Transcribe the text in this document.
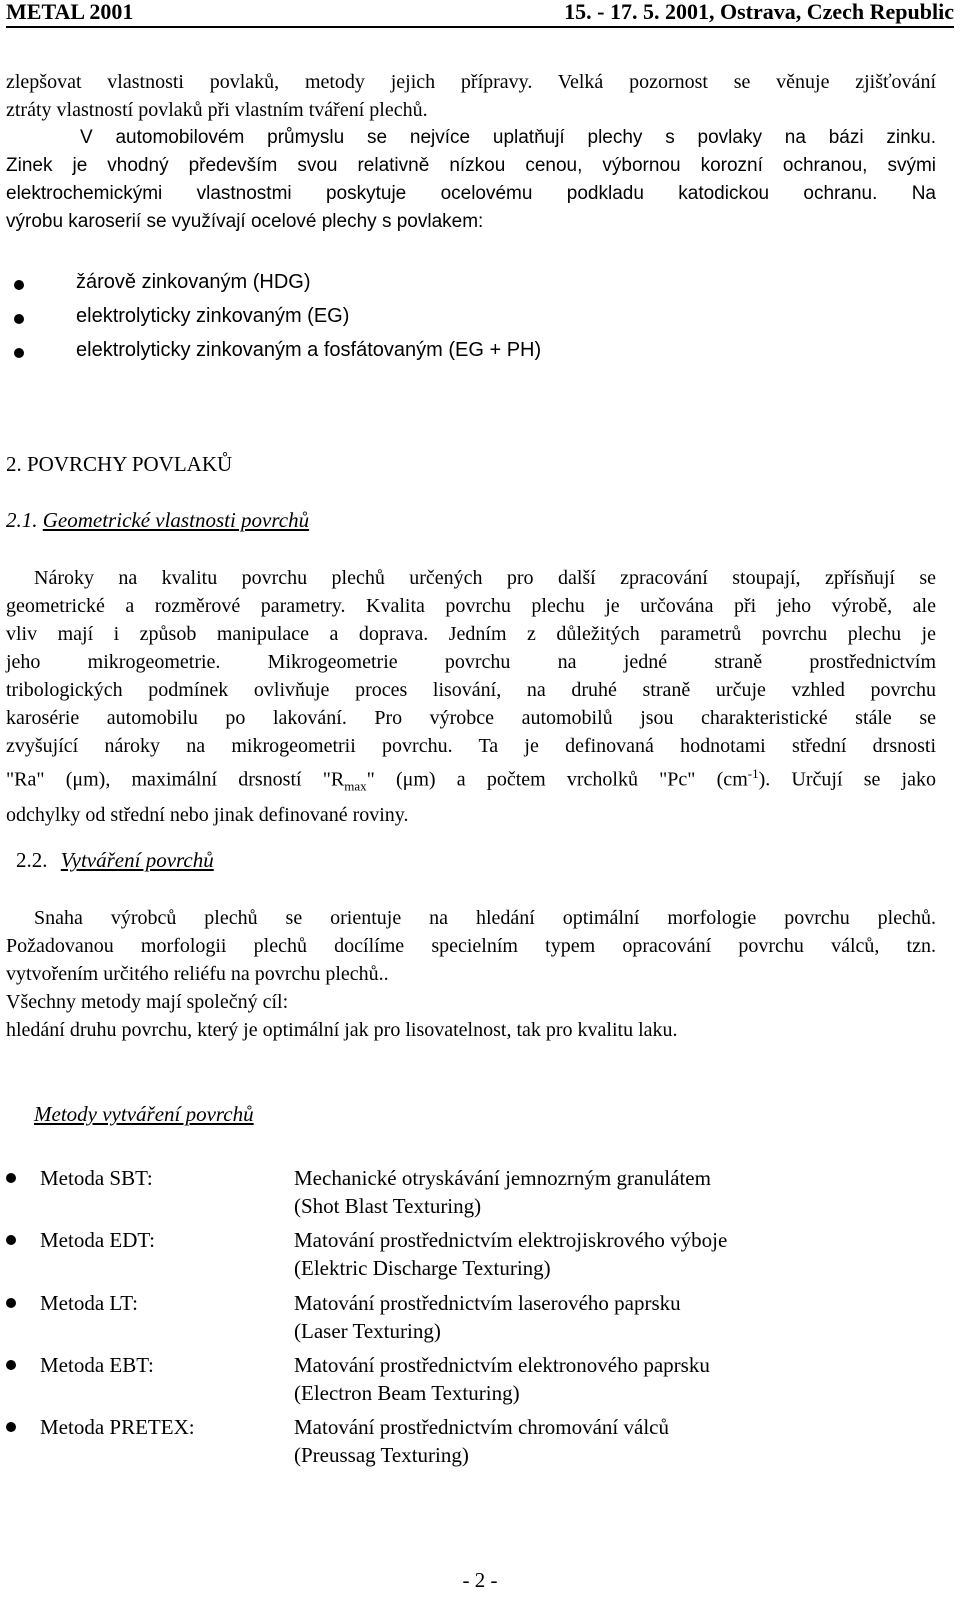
METAL 2001	15. - 17. 5. 2001, Ostrava, Czech Republic
zlepšovat vlastnosti povlaků, metody jejich přípravy. Velká pozornost se věnuje zjišťování
ztráty vlastností povlaků při vlastním tváření plechů.
V automobilovém průmyslu se nejvíce uplatňují plechy s povlaky na bázi zinku.
Zinek je vhodný především svou relativně nízkou cenou, výbornou korozní ochranou, svými
elektrochemickými vlastnostmi poskytuje ocelovému podkladu katodickou ochranu. Na
výrobu karoserií se využívají ocelové plechy s povlakem:
žárově zinkovaným (HDG)
elektrolyticky zinkovaným (EG)
elektrolyticky zinkovaným a fosfátovaným (EG + PH)
2. POVRCHY POVLAKŮ
2.1. Geometrické vlastnosti povrchů
Nároky na kvalitu povrchu plechů určených pro další zpracování stoupají, zpřísňují se
geometrické a rozměrové parametry. Kvalita povrchu plechu je určována při jeho výrobě, ale
vliv mají i způsob manipulace a doprava. Jedním z důležitých parametrů povrchu plechu je
jeho mikrogeometrie. Mikrogeometrie povrchu na jedné straně prostřednictvím
tribologických podmínek ovlivňuje proces lisování, na druhé straně určuje vzhled povrchu
karosérie automobilu po lakování. Pro výrobce automobilů jsou charakteristické stále se
zvyšující nároky na mikrogeometrii povrchu. Ta je definovaná hodnotami střední drsnosti
"Ra" (μm), maximální drsností "$R_{max}$" (μm) a počtem vrcholků "Pc" $(cm^{-1})$. Určují se jako
odchylky od střední nebo jinak definované roviny.
2.2. Vytváření povrchů
Snaha výrobců plechů se orientuje na hledání optimální morfologie povrchu plechů.
Požadovanou morfologii plechů docílíme specielním typem opracování povrchu válců, tzn.
vytvořením určitého reliéfu na povrchu plechů..
Všechny metody mají společný cíl:
hledání druhu povrchu, který je optimální jak pro lisovatelnost, tak pro kvalitu laku.
Metody vytváření povrchů
Metoda SBT:	Mechanické otryskávání jemnozrným granulátem
(Shot Blast Texturing)
Metoda EDT:	Matování prostřednictvím elektrojiskrového výboje
(Elektric Discharge Texturing)
Metoda LT:	Matování prostřednictvím laserového paprsku
(Laser Texturing)
Metoda EBT:	Matování prostřednictvím elektronového paprsku
(Electron Beam Texturing)
Metoda PRETEX:	Matování prostřednictvím chromování válců
(Preussag Texturing)
- 2 -
